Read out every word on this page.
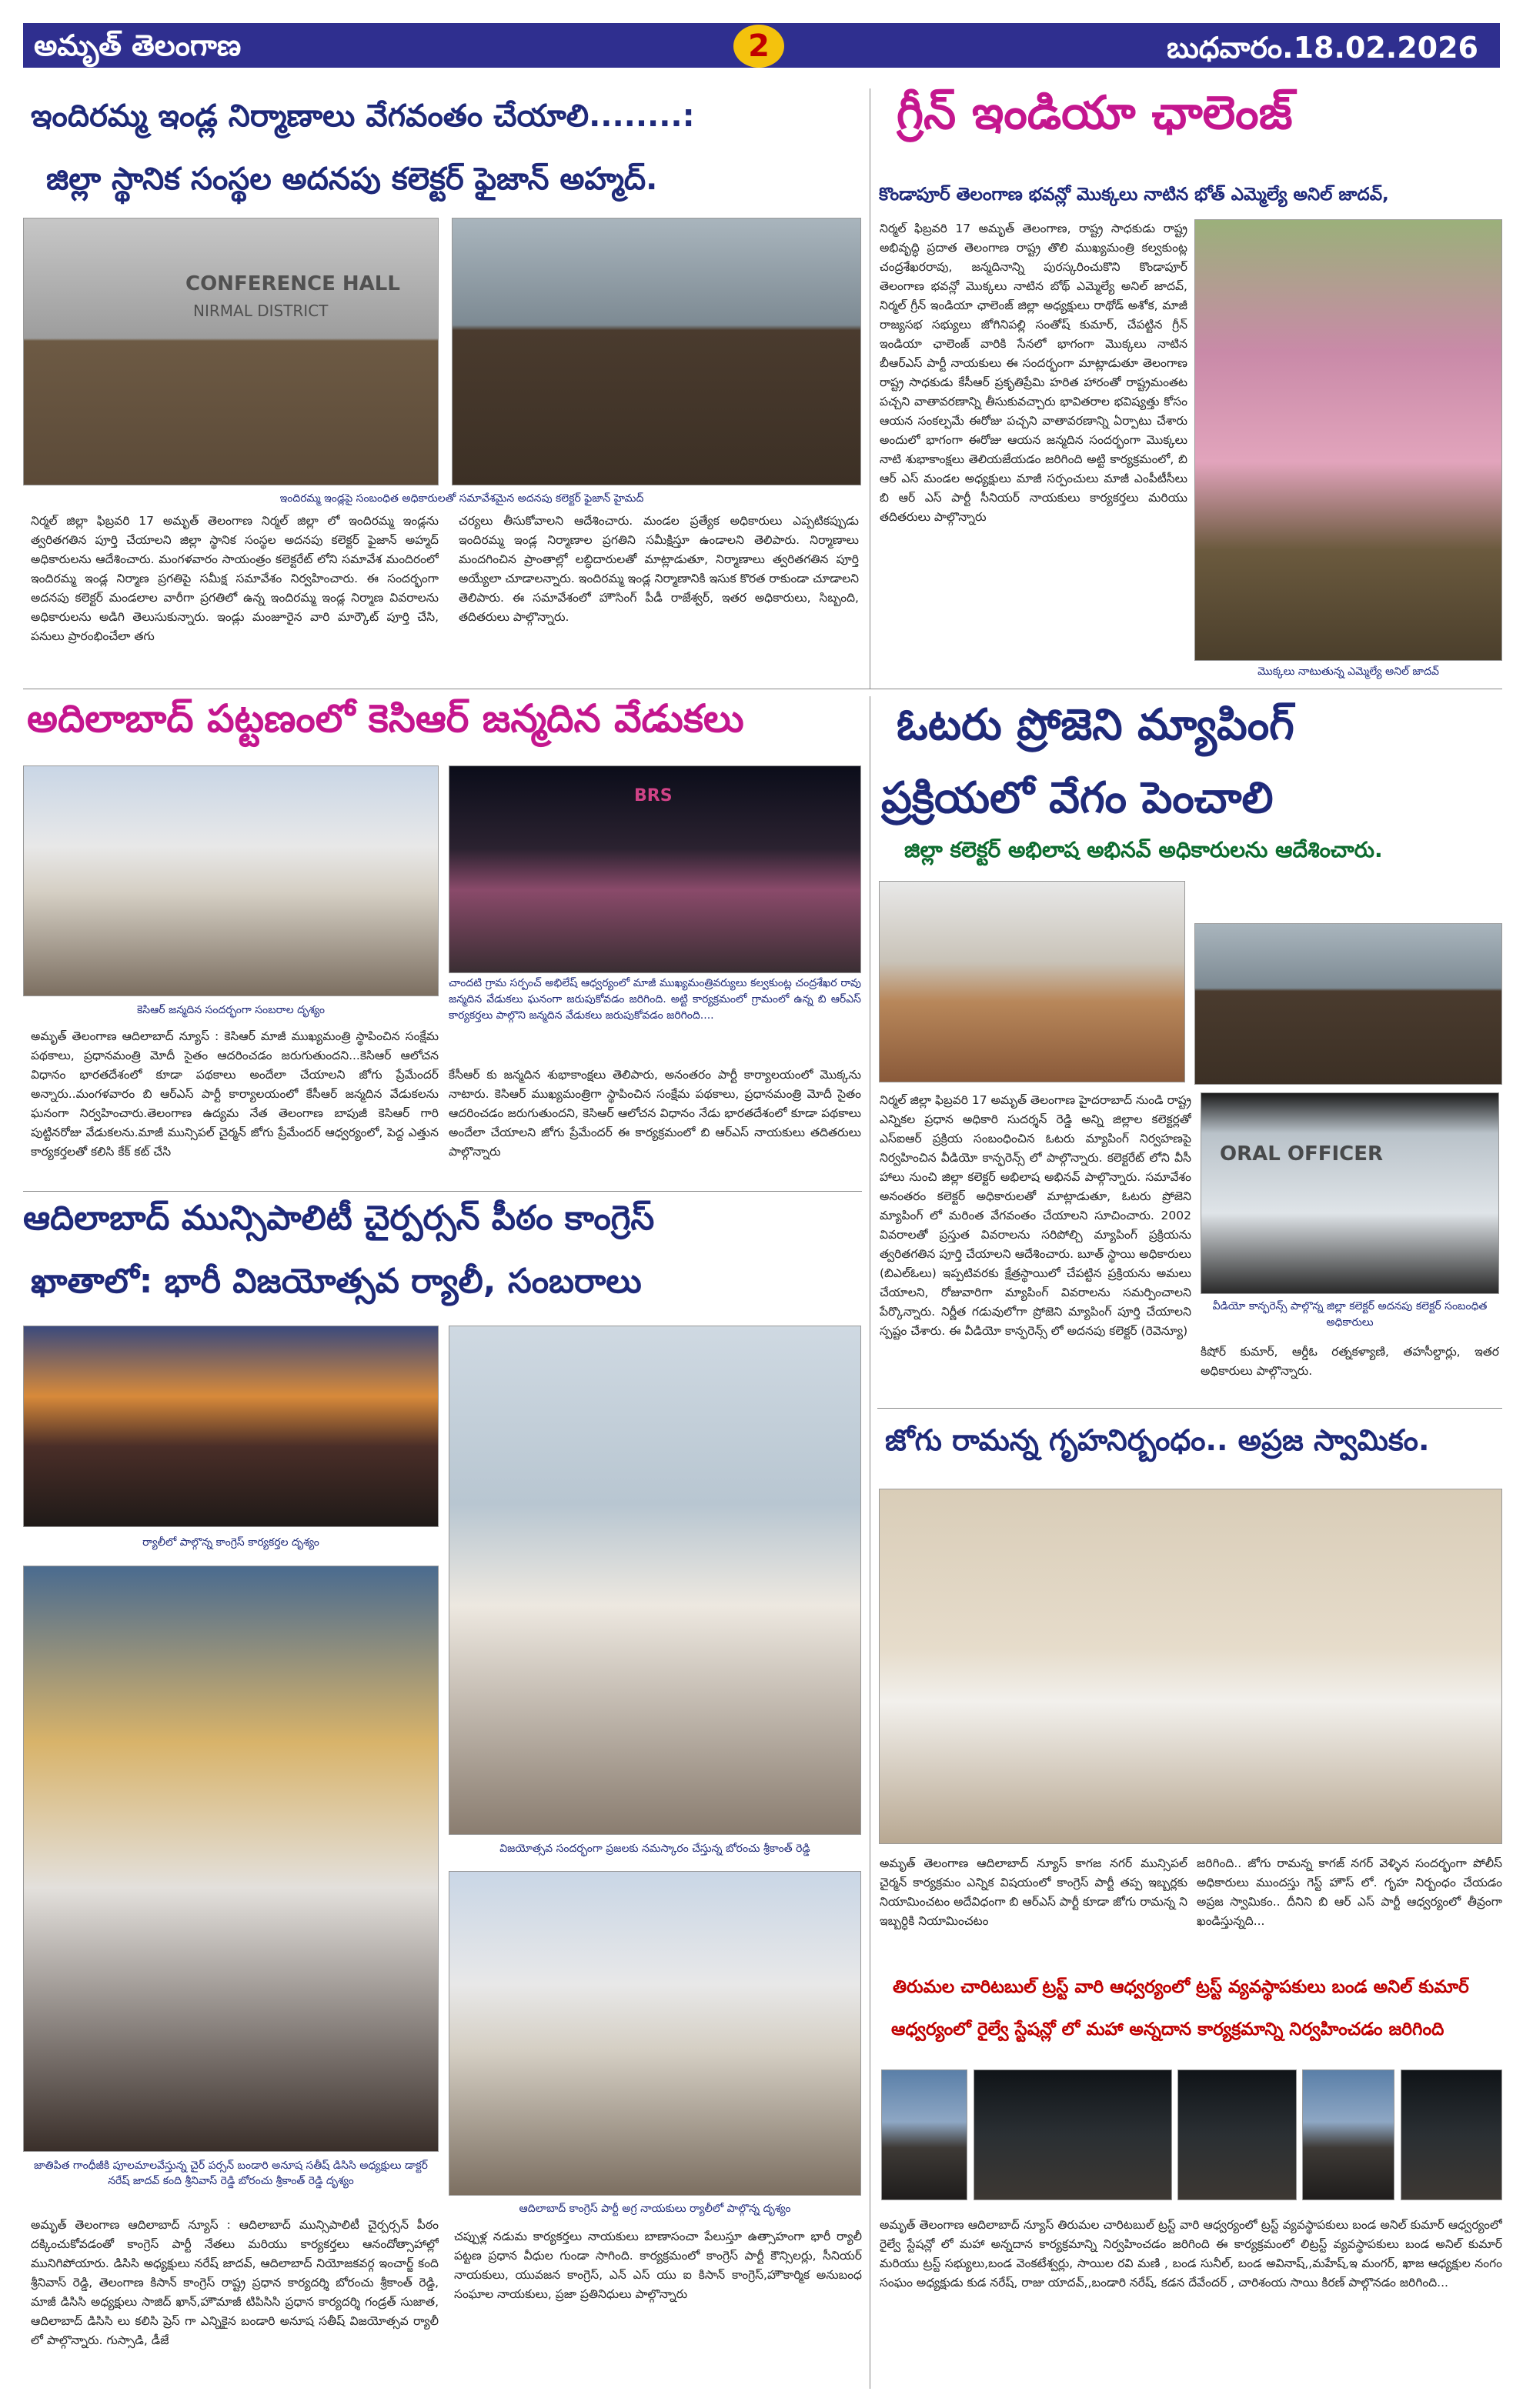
అమృత్ తెలంగాణ	2	బుధవారం.18.02.2026
ఇందిరమ్మ ఇండ్ల నిర్మాణాలు వేగవంతం చేయాలి........:
జిల్లా స్థానిక సంస్థల అదనపు కలెక్టర్ ఫైజాన్ అహ్మద్.
CONFERENCE HALL
NIRMAL DISTRICT
ఇందిరమ్మ ఇండ్లపై సంబంధిత అధికారులతో సమావేశమైన అదనపు కలెక్టర్ ఫైజాన్ హైమద్
నిర్మల్ జిల్లా ఫిబ్రవరి 17 అమృత్ తెలంగాణ నిర్మల్ జిల్లా లో ఇందిరమ్మ ఇండ్లను త్వరితగతిన పూర్తి చేయాలని జిల్లా స్థానిక సంస్థల అదనపు కలెక్టర్ ఫైజాన్ అహ్మద్ అధికారులను ఆదేశించారు. మంగళవారం సాయంత్రం కలెక్టరేట్ లోని సమావేశ మందిరంలో ఇందిరమ్మ ఇండ్ల నిర్మాణ ప్రగతిపై సమీక్ష సమావేశం నిర్వహించారు. ఈ సందర్భంగా అదనపు కలెక్టర్ మండలాల వారీగా ప్రగతిలో ఉన్న ఇందిరమ్మ ఇండ్ల నిర్మాణ వివరాలను అధికారులను అడిగి తెలుసుకున్నారు. ఇండ్లు మంజూరైన వారి మార్కౌట్ పూర్తి చేసి, పనులు ప్రారంభించేలా తగు
చర్యలు తీసుకోవాలని ఆదేశించారు. మండల ప్రత్యేక అధికారులు ఎప్పటికప్పుడు ఇందిరమ్మ ఇండ్ల నిర్మాణాల ప్రగతిని సమీక్షిస్తూ ఉండాలని తెలిపారు. నిర్మాణాలు మందగించిన ప్రాంతాల్లో లబ్ధిదారులతో మాట్లాడుతూ, నిర్మాణాలు త్వరితగతిన పూర్తి అయ్యేలా చూడాలన్నారు. ఇందిరమ్మ ఇండ్ల నిర్మాణానికి ఇసుక కొరత రాకుండా చూడాలని తెలిపారు. ఈ సమావేశంలో హౌసింగ్ పీడీ రాజేశ్వర్, ఇతర అధికారులు, సిబ్బంది, తదితరులు పాల్గొన్నారు.
గ్రీన్ ఇండియా ఛాలెంజ్
కొండాపూర్ తెలంగాణ భవన్లో మొక్కలు నాటిన భోత్ ఎమ్మెల్యే అనిల్ జాదవ్,
నిర్మల్ ఫిబ్రవరి 17 అమృత్ తెలంగాణ, రాష్ట్ర సాధకుడు రాష్ట్ర అభివృద్ధి ప్రదాత తెలంగాణ రాష్ట్ర తొలి ముఖ్యమంత్రి కల్వకుంట్ల చంద్రశేఖరరావు, జన్మదినాన్ని పురస్కరించుకొని కొండాపూర్ తెలంగాణ భవన్లో మొక్కలు నాటిన బోథ్ ఎమ్మెల్యే అనిల్ జాదవ్, నిర్మల్ గ్రీన్ ఇండియా ఛాలెంజ్ జిల్లా అధ్యక్షులు రాథోడ్ అశోక, మాజీ రాజ్యసభ సభ్యులు జోగినిపల్లి సంతోష్ కుమార్, చేపట్టిన గ్రీన్ ఇండియా ఛాలెంజ్ వారికి సేనలో భాగంగా మొక్కలు నాటిన బీఆర్ఎస్ పార్టీ నాయకులు ఈ సందర్భంగా మాట్లాడుతూ తెలంగాణ రాష్ట్ర సాధకుడు కేసీఆర్ ప్రకృతిప్రేమి హరిత హారంతో రాష్ట్రమంతట పచ్చని వాతావరణాన్ని తీసుకువచ్చారు భావితరాల భవిష్యత్తు కోసం ఆయన సంకల్పమే ఈరోజు పచ్చని వాతావరణాన్ని ఏర్పాటు చేశారు అందులో భాగంగా ఈరోజు ఆయన జన్మదిన సందర్భంగా మొక్కలు నాటి శుభాకాంక్షలు తెలియజేయడం జరిగింది అట్టి కార్యక్రమంలో, బి ఆర్ ఎస్ మండల అధ్యక్షులు మాజీ సర్పంచులు మాజీ ఎంపీటీసీలు బి ఆర్ ఎస్ పార్టీ సీనియర్ నాయకులు కార్యకర్తలు మరియు తదితరులు పాల్గొన్నారు
మొక్కలు నాటుతున్న ఎమ్మెల్యే అనిల్ జాదవ్
అదిలాబాద్ పట్టణంలో కెసిఆర్ జన్మదిన వేడుకలు
BRS
కెసిఆర్ జన్మదిన సందర్భంగా సంబరాల దృశ్యం
చాందటి గ్రామ సర్పంచ్ అభిలేష్ ఆధ్వర్యంలో మాజీ ముఖ్యమంత్రివర్యులు కల్వకుంట్ల చంద్రశేఖర రావు జన్మదిన వేడుకలు ఘనంగా జరుపుకోవడం జరిగింది. అట్టి కార్యక్రమంలో గ్రామంలో ఉన్న బి ఆర్ఎస్ కార్యకర్తలు పాల్గొని జన్మదిన వేడుకలు జరుపుకోవడం జరిగింది....
అమృత్ తెలంగాణ ఆదిలాబాద్ న్యూస్ : కెసిఆర్ మాజీ ముఖ్యమంత్రి స్థాపించిన సంక్షేమ పథకాలు, ప్రధానమంత్రి మోదీ సైతం ఆదరించడం జరుగుతుందని...కెసిఆర్ ఆలోచన విధానం భారతదేశంలో కూడా పథకాలు అందేలా చేయాలని జోగు ప్రేమేందర్ అన్నారు..మంగళవారం బి ఆర్ఎస్ పార్టీ కార్యాలయంలో కేసీఆర్ జన్మదిన వేడుకలను ఘనంగా నిర్వహించారు.తెలంగాణ ఉద్యమ నేత తెలంగాణ బాపుజీ కెసిఆర్ గారి పుట్టినరోజు వేడుకలను.మాజీ మున్సిపల్ చైర్మన్ జోగు ప్రేమేందర్ ఆధ్వర్యంలో, పెద్ద ఎత్తున కార్యకర్తలతో కలిసి కేక్ కట్ చేసి
కేసీఆర్ కు జన్మదిన శుభాకాంక్షలు తెలిపారు, అనంతరం పార్టీ కార్యాలయంలో మొక్కను నాటారు. కెసిఆర్ ముఖ్యమంత్రిగా స్థాపించిన సంక్షేమ పథకాలు, ప్రధానమంత్రి మోదీ సైతం ఆదరించడం జరుగుతుందని, కెసిఆర్ ఆలోచన విధానం నేడు భారతదేశంలో కూడా పథకాలు అందేలా చేయాలని జోగు ప్రేమేందర్ ఈ కార్యక్రమంలో బి ఆర్ఎస్ నాయకులు తదితరులు పాల్గొన్నారు
ఓటరు ప్రోజెని మ్యాపింగ్
ప్రక్రియలో వేగం పెంచాలి
జిల్లా కలెక్టర్ అభిలాష అభినవ్ అధికారులను ఆదేశించారు.
ORAL OFFICER
నిర్మల్ జిల్లా ఫిబ్రవరి 17 అమృత్ తెలంగాణ హైదరాబాద్ నుండి రాష్ట్ర ఎన్నికల ప్రధాన అధికారి సుదర్శన్ రెడ్డి అన్ని జిల్లాల కలెక్టర్లతో ఎస్ఐఆర్ ప్రక్రియ సంబంధించిన ఓటరు మ్యాపింగ్ నిర్వహణపై నిర్వహించిన వీడియో కాన్ఫరెన్స్ లో పాల్గొన్నారు. కలెక్టరేట్ లోని వీసీ హాలు నుంచి జిల్లా కలెక్టర్ అభిలాష అభినవ్ పాల్గొన్నారు. సమావేశం అనంతరం కలెక్టర్ అధికారులతో మాట్లాడుతూ, ఓటరు ప్రోజెని మ్యాపింగ్ లో మరింత వేగవంతం చేయాలని సూచించారు. 2002 వివరాలతో ప్రస్తుత వివరాలను సరిపోల్చి మ్యాపింగ్ ప్రక్రియను త్వరితగతిన పూర్తి చేయాలని ఆదేశించారు. బూత్ స్థాయి అధికారులు (బిఎల్ఓలు) ఇప్పటివరకు క్షేత్రస్థాయిలో చేపట్టిన ప్రక్రియను అమలు చేయాలని, రోజువారిగా మ్యాపింగ్ వివరాలను సమర్పించాలని పేర్కొన్నారు. నిర్ణీత గడువులోగా ప్రోజెని మ్యాపింగ్ పూర్తి చేయాలని స్పష్టం చేశారు. ఈ వీడియో కాన్ఫరెన్స్ లో అదనపు కలెక్టర్ (రెవెన్యూ)
వీడియో కాన్ఫరెన్స్ పాల్గొన్న జిల్లా కలెక్టర్ అదనపు కలెక్టర్ సంబంధిత అధికారులు
కిషోర్ కుమార్, ఆర్డీఓ రత్నకళ్యాణి, తహసీల్దార్లు, ఇతర అధికారులు పాల్గొన్నారు.
ఆదిలాబాద్ మున్సిపాలిటీ చైర్పర్సన్ పీఠం కాంగ్రెస్
ఖాతాలో: భారీ విజయోత్సవ ర్యాలీ, సంబరాలు
ర్యాలీలో పాల్గొన్న కాంగ్రెస్ కార్యకర్తల దృశ్యం
విజయోత్సవ సందర్భంగా ప్రజలకు నమస్కారం చేస్తున్న బోరంచు శ్రీకాంత్ రెడ్డి
జాతిపిత గాంధీజీకి పూలమాలవేస్తున్న చైర్ పర్సన్ బండారి అనూష సతీష్ డిసిసి అధ్యక్షులు డాక్టర్ నరేష్ జాదవ్ కంది శ్రీనివాస్ రెడ్డి బోరంచు శ్రీకాంత్ రెడ్డి దృశ్యం
ఆదిలాబాద్ కాంగ్రెస్ పార్టీ అగ్ర నాయకులు ర్యాలీలో పాల్గొన్న దృశ్యం
అమృత్ తెలంగాణ ఆదిలాబాద్ న్యూస్ : ఆదిలాబాద్ మున్సిపాలిటీ చైర్పర్సన్ పీఠం దక్కించుకోవడంతో కాంగ్రెస్ పార్టీ నేతలు మరియు కార్యకర్తలు ఆనందోత్సాహాల్లో మునిగిపోయారు. డిసిసి అధ్యక్షులు నరేష్ జాదవ్, ఆదిలాబాద్ నియోజకవర్గ ఇంచార్జ్ కంది శ్రీనివాస్ రెడ్డి, తెలంగాణ కిసాన్ కాంగ్రెస్ రాష్ట్ర ప్రధాన కార్యదర్శి బోరంచు శ్రీకాంత్ రెడ్డి, మాజీ డిసిసి అధ్యక్షులు సాజిద్ ఖాన్,హౌమాజీ టిపిసిసి ప్రధాన కార్యదర్శి గండ్రత్ సుజాత, ఆదిలాబాద్ డిసిసి లు కలిసి ప్రెస్ గా ఎన్నికైన బండారి అనూష సతీష్ విజయోత్సవ ర్యాలీ లో పాల్గొన్నారు. గుస్సాడి, డీజే
చప్పుళ్ల నడుమ కార్యకర్తలు నాయకులు బాణాసంచా పేలుస్తూ ఉత్సాహంగా భారీ ర్యాలీ పట్టణ ప్రధాన వీధుల గుండా సాగింది. కార్యక్రమంలో కాంగ్రెస్ పార్టీ కౌన్సిలర్లు, సీనియర్ నాయకులు, యువజన కాంగ్రెస్, ఎన్ ఎస్ యు ఐ కిసాన్ కాంగ్రెస్,హౌకార్మిక అనుబంధ సంఘాల నాయకులు, ప్రజా ప్రతినిధులు పాల్గొన్నారు
జోగు రామన్న గృహనిర్బంధం.. అప్రజ స్వామికం.
అమృత్ తెలంగాణ ఆదిలాబాద్ న్యూస్ కాగజ నగర్ మున్సిపల్ చైర్మన్ కార్యక్రమం ఎన్నిక విషయంలో కాంగ్రెస్ పార్టీ తప్ప ఇబ్బర్లకు నియామించటం అదేవిధంగా బి ఆర్ఎస్ పార్టీ కూడా జోగు రామన్న ని ఇబ్బర్ధికి నియామించటం
జరిగింది.. జోగు రామన్న కాగజ్ నగర్ వెళ్ళిన సందర్భంగా పోలీస్ అధికారులు ముందస్తు గెస్ట్ హౌస్ లో. గృహ నిర్బంధం చేయడం అప్రజ స్వామికం.. దీనిని బి ఆర్ ఎస్ పార్టీ ఆధ్వర్యంలో తీవ్రంగా ఖండిస్తున్నది...
తిరుమల చారిటబుల్ ట్రస్ట్ వారి ఆధ్వర్యంలో ట్రస్ట్ వ్యవస్థాపకులు బండ అనిల్ కుమార్
ఆధ్వర్యంలో రైల్వే స్టేషన్లో లో మహా అన్నదాన కార్యక్రమాన్ని నిర్వహించడం జరిగింది
అమృత్ తెలంగాణ ఆదిలాబాద్ న్యూస్ తిరుమల చారిటబుల్ ట్రస్ట్ వారి ఆధ్వర్యంలో ట్రస్ట్ వ్యవస్థాపకులు బండ అనిల్ కుమార్ ఆధ్వర్యంలో రైల్వే స్టేషన్లో లో మహా అన్నదాన కార్యక్రమాన్ని నిర్వహించడం జరిగింది ఈ కార్యక్రమంలో లిట్రస్ట్ వ్యవస్థాపకులు బండ అనిల్ కుమార్ మరియు ట్రస్ట్ సభ్యులు,బండ వెంకటేశ్వర్లు, సాయిల రవి మణి , బండ సునీల్, బండ అవినాష్,,మహేష్,ఇ మంగర్, ఖాజ ఆధ్యక్షుల నంగం సంఘం అధ్యక్షుడు కుడ నరేష్, రాజు యాదవ్,,బండారి నరేష్, కడన దేవేందర్ , చారిశంయ సాయి కిరణ్ పాల్గొనడం జరిగింది...
